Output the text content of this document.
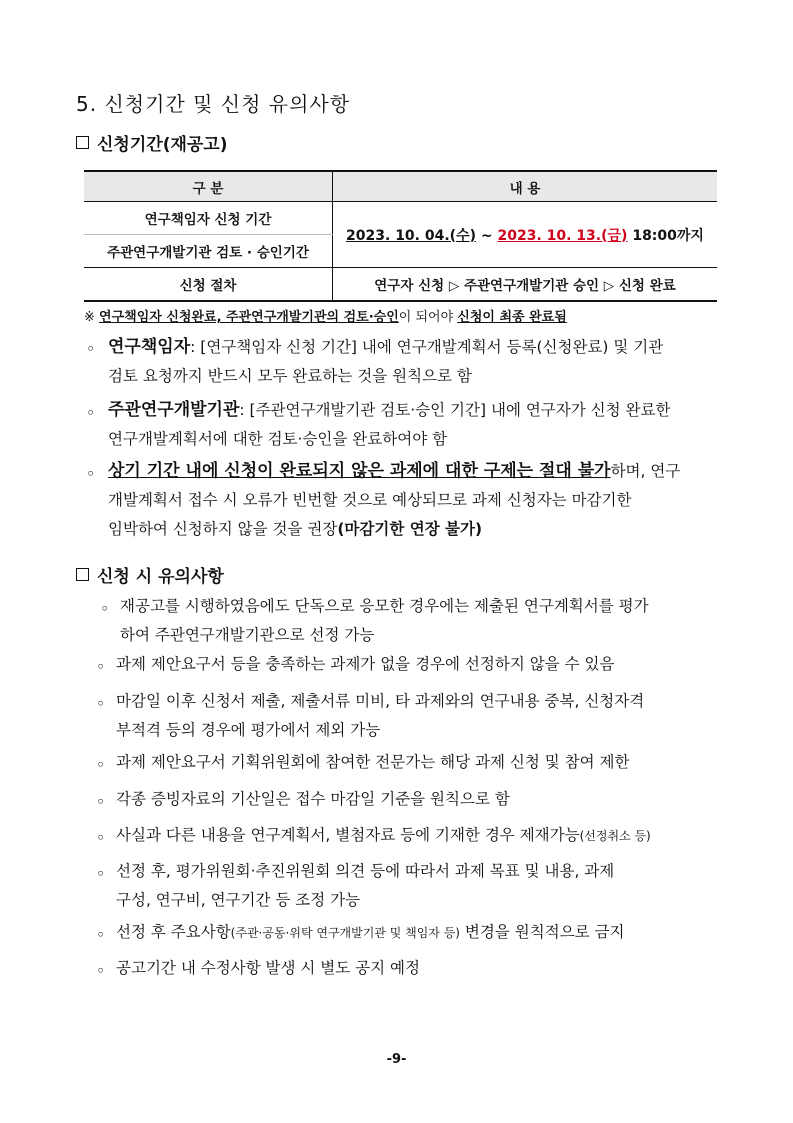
5. 신청기간 및 신청 유의사항
신청기간(재공고)
구 분	내 용
연구책임자 신청 기간	2023. 10. 04.(수) ~ 2023. 10. 13.(금) 18:00까지
주관연구개발기관 검토 · 승인기간	
신청 절차	연구자 신청 ▷ 주관연구개발기관 승인 ▷ 신청 완료
※ 연구책임자 신청완료, 주관연구개발기관의 검토·승인이 되어야 신청이 최종 완료됨
◦ 연구책임자: [연구책임자 신청 기간] 내에 연구개발계획서 등록(신청완료) 및 기관
검토 요청까지 반드시 모두 완료하는 것을 원칙으로 함
◦ 주관연구개발기관: [주관연구개발기관 검토·승인 기간] 내에 연구자가 신청 완료한
연구개발계획서에 대한 검토·승인을 완료하여야 함
◦ 상기 기간 내에 신청이 완료되지 않은 과제에 대한 구제는 절대 불가하며, 연구
개발계획서 접수 시 오류가 빈번할 것으로 예상되므로 과제 신청자는 마감기한
임박하여 신청하지 않을 것을 권장(마감기한 연장 불가)
신청 시 유의사항
◦ 재공고를 시행하였음에도 단독으로 응모한 경우에는 제출된 연구계획서를 평가
하여 주관연구개발기관으로 선정 가능
◦ 과제 제안요구서 등을 충족하는 과제가 없을 경우에 선정하지 않을 수 있음
◦ 마감일 이후 신청서 제출, 제출서류 미비, 타 과제와의 연구내용 중복, 신청자격
부적격 등의 경우에 평가에서 제외 가능
◦ 과제 제안요구서 기획위원회에 참여한 전문가는 해당 과제 신청 및 참여 제한
◦ 각종 증빙자료의 기산일은 접수 마감일 기준을 원칙으로 함
◦ 사실과 다른 내용을 연구계획서, 별첨자료 등에 기재한 경우 제재가능(선정취소 등)
◦ 선정 후, 평가위원회·추진위원회 의견 등에 따라서 과제 목표 및 내용, 과제
구성, 연구비, 연구기간 등 조정 가능
◦ 선정 후 주요사항(주관·공동·위탁 연구개발기관 및 책임자 등) 변경을 원칙적으로 금지
◦ 공고기간 내 수정사항 발생 시 별도 공지 예정
-9-
